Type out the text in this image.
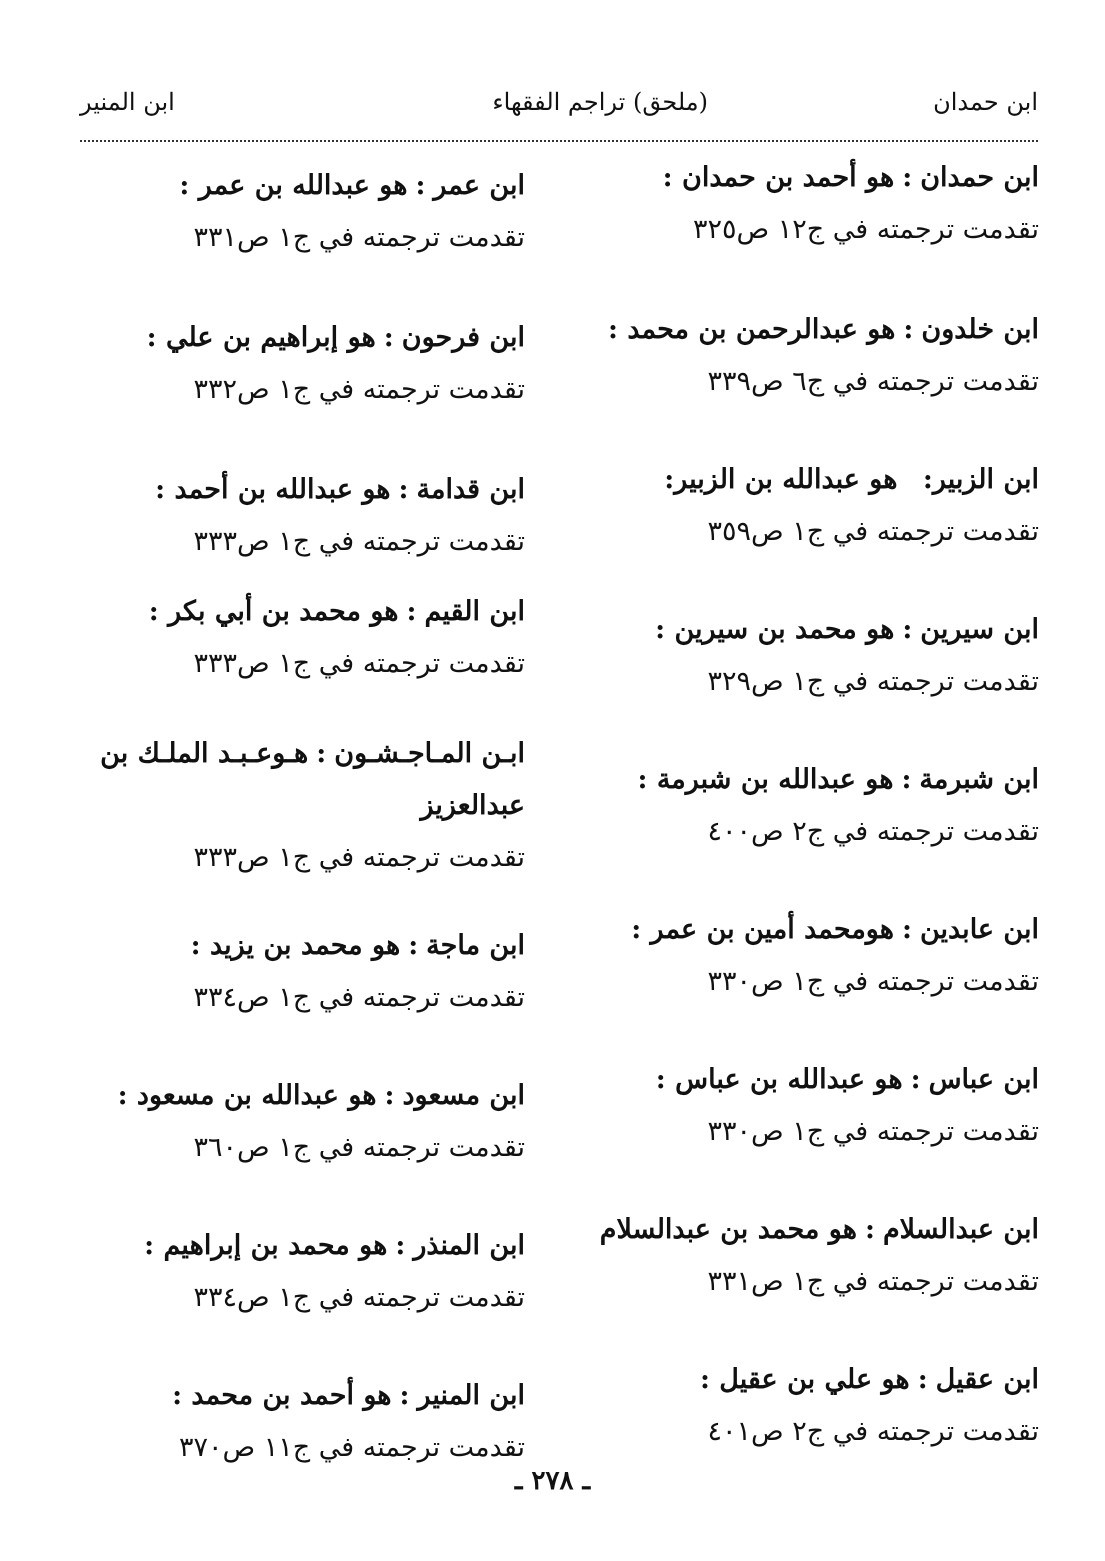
ابن حمدان
(ملحق) تراجم الفقهاء
ابن المنير
ابن حمدان:هو أحمد بن حمدان :
تقدمت ترجمته في ج١٢ ص٣٢٥
ابن خلدون:هو عبدالرحمن بن محمد :
تقدمت ترجمته في ج٦ ص٣٣٩
ابن الزبير: هو عبدالله بن الزبير:
تقدمت ترجمته في ج١ ص٣٥٩
ابن سيرين:هو محمد بن سيرين :
تقدمت ترجمته في ج١ ص٣٢٩
ابن شبرمة:هو عبدالله بن شبرمة :
تقدمت ترجمته في ج٢ ص٤٠٠
ابن عابدين:هومحمد أمين بن عمر :
تقدمت ترجمته في ج١ ص٣٣٠
ابن عباس:هو عبدالله بن عباس :
تقدمت ترجمته في ج١ ص٣٣٠
ابن عبدالسلام:هو محمد بن عبدالسلام
تقدمت ترجمته في ج١ ص٣٣١
ابن عقيل:هو علي بن عقيل :
تقدمت ترجمته في ج٢ ص٤٠١
ابن عمر:هو عبدالله بن عمر :
تقدمت ترجمته في ج١ ص٣٣١
ابن فرحون:هو إبراهيم بن علي :
تقدمت ترجمته في ج١ ص٣٣٢
ابن قدامة:هو عبدالله بن أحمد :
تقدمت ترجمته في ج١ ص٣٣٣
ابن القيم:هو محمد بن أبي بكر :
تقدمت ترجمته في ج١ ص٣٣٣
ابـن المـاجـشـون:هـوعـبـد الملـك بن عبدالعزيز
تقدمت ترجمته في ج١ ص٣٣٣
ابن ماجة:هو محمد بن يزيد :
تقدمت ترجمته في ج١ ص٣٣٤
ابن مسعود:هو عبدالله بن مسعود :
تقدمت ترجمته في ج١ ص٣٦٠
ابن المنذر:هو محمد بن إبراهيم :
تقدمت ترجمته في ج١ ص٣٣٤
ابن المنير:هو أحمد بن محمد :
تقدمت ترجمته في ج١١ ص٣٧٠
ـ ٢٧٨ ـ
